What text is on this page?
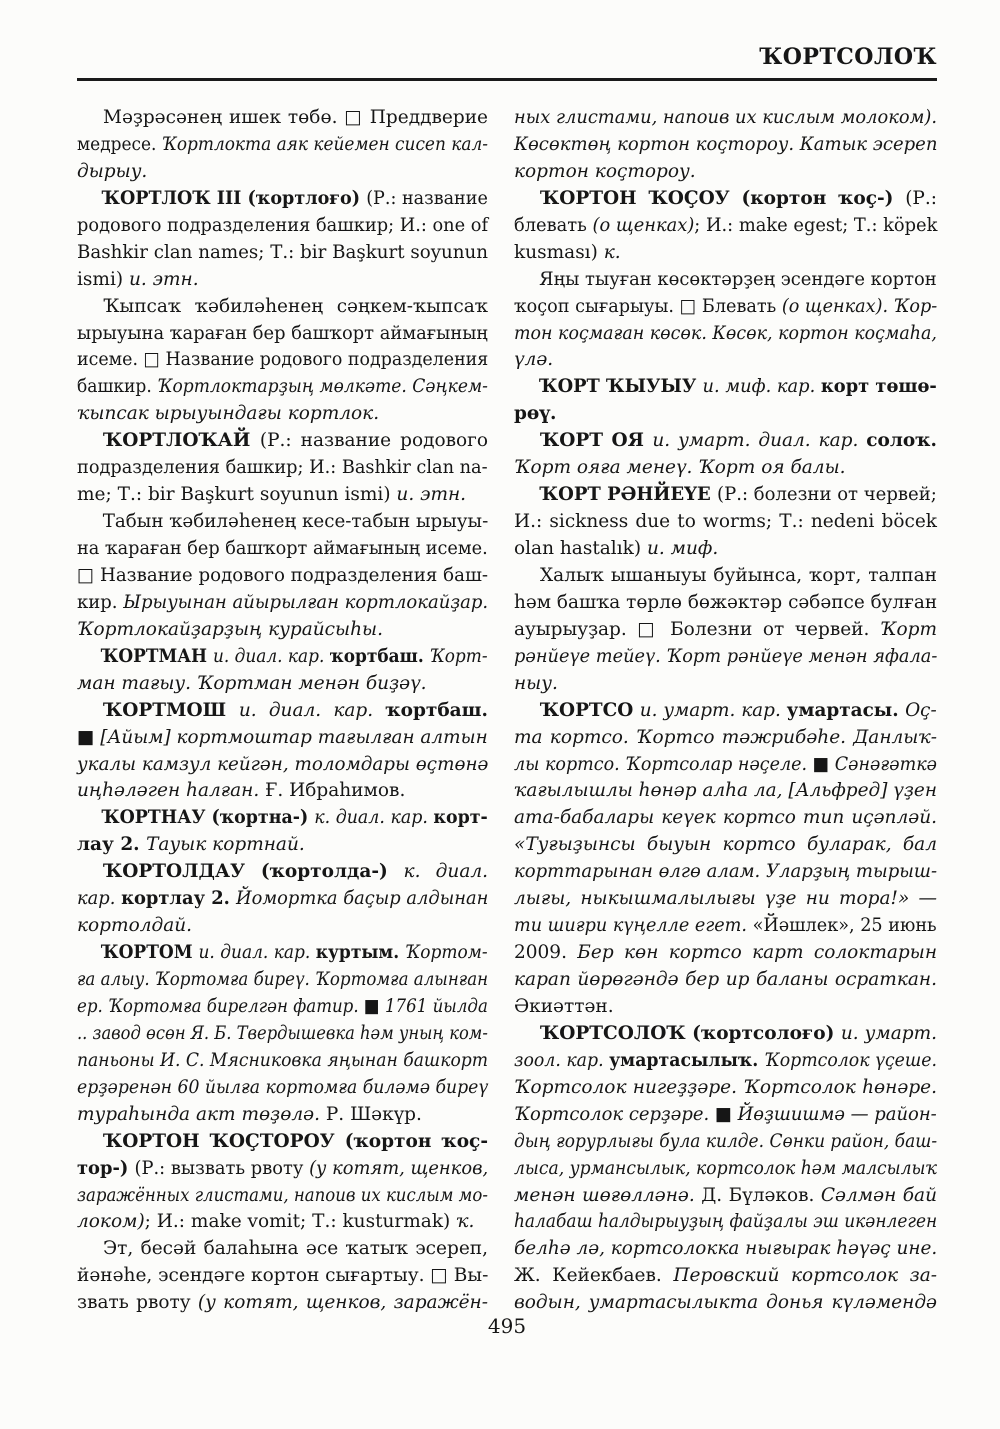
ҠОРТСОЛОҠ
Мәҙрәсәнең ишек төбө. □ Преддверие
медресе. Ҡортлокта аяк кейемен сисеп кал-
дырыу.
ҠОРТЛОҠ III (ҡортлоғо) (Р.: название
родового подразделения башкир; И.: one of
Bashkir clan names; Т.: bir Başkurt soyunun
ismi) и. этн.
Ҡыпсаҡ ҡәбиләһенең сәңкем-ҡыпсаҡ
ырыуына ҡараған бер башҡорт аймағының
исеме. □ Название родового подразделения
башкир. Ҡортлоктарҙың мөлкәте. Сәңкем-
ҡыпсак ырыуындағы кортлок.
ҠОРТЛОҠАЙ (Р.: название родового
подразделения башкир; И.: Bashkir clan na-
me; Т.: bir Başkurt soyunun ismi) и. этн.
Табын ҡәбиләһенең кесе-табын ырыуы-
на ҡараған бер башҡорт аймағының исеме.
□ Название родового подразделения баш-
кир. Ырыуынан айырылған кортлокайҙар.
Ҡортлокайҙарҙың курайсыһы.
ҠОРТМАН и. диал. кар. ҡортбаш. Ҡорт-
ман тағыу. Ҡортман менән биҙәү.
ҠОРТМОШ и. диал. кар. ҡортбаш.
■ [Айым] кортмоштар тағылған алтын
укалы камзул кейгән, толомдары өҫтөнә
иңһәләген һалған. Ғ. Ибраһимов.
ҠОРТНАУ (ҡортна-) к. диал. кар. корт-
лау 2. Тауык кортнай.
ҠОРТОЛДАУ (ҡортолда-) к. диал.
кар. кортлау 2. Йомортка баҫыр алдынан
кортолдай.
ҠОРТОМ и. диал. кар. куртым. Ҡортом-
ға алыу. Ҡортомға биреү. Ҡортомға алынған
ер. Ҡортомға бирелгән фатир. ■ 1761 йылда
.. завод өсөн Я. Б. Твердышевка һәм уның ком-
паньоны И. С. Мясниковка яңынан башкорт
ерҙәренән 60 йылға кортомға биләмә биреү
тураһында акт төҙөлә. Р. Шәкүр.
ҠОРТОН ҠОҪТОРОУ (ҡортон ҡоҫ-
тор-) (Р.: вызвать рвоту (у котят, щенков,
заражённых глистами, напоив их кислым мо-
локом); И.: make vomit; Т.: kusturmak) ҡ.
Эт, бесәй балаһына әсе ҡатыҡ эсереп,
йәнәһе, эсендәге кортон сығартыу. □ Вы-
звать рвоту (у котят, щенков, заражён-
ных глистами, напоив их кислым молоком).
Көсөктөң кортон коҫтороу. Катык эсереп
кортон коҫтороу.
ҠОРТОН ҠОҪОУ (кортон ҡоҫ-) (Р.:
блевать (о щенках); И.: make egest; Т.: köpek
kusması) к.
Яңы тыуған көсөктәрҙең эсендәге кортон
ҡоҫоп сығарыуы. □ Блевать (о щенках). Ҡор-
тон коҫмаған көсөк. Көсөк, кортон коҫмаһа,
үлә.
ҠОРТ ҠЫУЫУ и. миф. кар. корт төшө-
рөү.
ҠОРТ ОЯ и. умарт. диал. кар. солоҡ.
Ҡорт ояға менеү. Ҡорт оя балы.
ҠОРТ РӘНЙЕҮЕ (Р.: болезни от червей;
И.: sickness due to worms; Т.: nedeni böcek
olan hastalık) и. миф.
Халыҡ ышаныуы буйынса, ҡорт, талпан
һәм башҡа төрлө бөжәктәр сәбәпсе булған
ауырыуҙар. □ Болезни от червей. Ҡорт
рәнйеүе тейеү. Ҡорт рәнйеүе менән яфала-
ныу.
ҠОРТСО и. умарт. кар. умартасы. Оҫ-
та кортсо. Ҡортсо тәжрибәһе. Данлыҡ-
лы кортсо. Ҡортсолар нәҫеле. ■ Сәнәғәткә
ҡағылышлы һөнәр алһа ла, [Альфред] үҙен
ата-бабалары кеүек кортсо тип иҫәпләй.
«Туғыҙынсы быуын кортсо буларак, бал
корттарынан өлгө алам. Уларҙың тырыш-
лығы, ныкышмалылығы үҙе ни тора!» —
ти шиғри күңелле егет. «Йәшлек», 25 июнь
2009. Бер көн кортсо карт солоктарын
карап йөрөгәндә бер ир баланы осраткан.
Әкиәттән.
ҠОРТСОЛОҠ (ҡортсолоғо) и. умарт.
зоол. кар. умартасылыҡ. Ҡортсолок үҫеше.
Ҡортсолок нигеҙҙәре. Ҡортсолок һөнәре.
Ҡортсолок серҙәре. ■ Йөҙшишмә — район-
дың ғорурлығы була килде. Сөнки район, баш-
лыса, урмансылык, кортсолок һәм малсылыҡ
менән шөғөлләнә. Д. Бүләков. Сәлмән бай
һалабаш һалдырыуҙың файҙалы эш икәнлеген
белһә лә, кортсолокка нығырак һәүәҫ ине.
Ж. Кейекбаев. Перовский кортсолок за-
водын, умартасылыкта донья күләмендә
495
